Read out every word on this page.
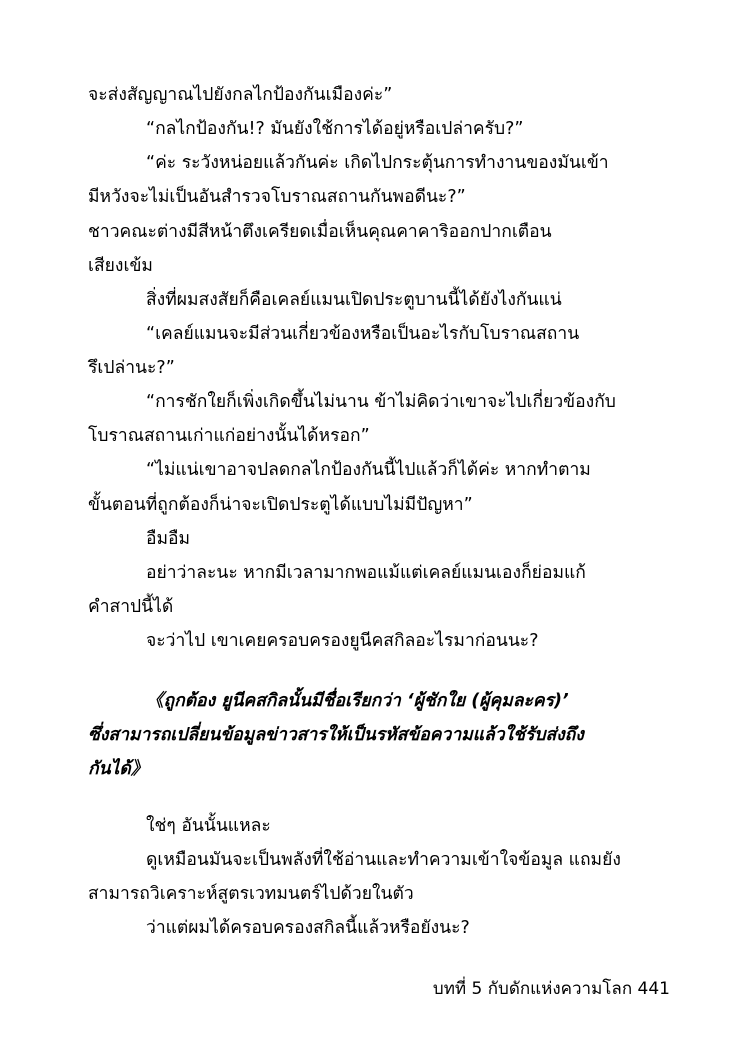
จะส่งสัญญาณไปยังกลไกป้องกันเมืองค่ะ”

“กลไกป้องกัน!? มันยังใช้การได้อยู่หรือเปล่าครับ?”

“ค่ะ ระวังหน่อยแล้วกันค่ะ เกิดไปกระตุ้นการทำงานของมันเข้า

มีหวังจะไม่เป็นอันสำรวจโบราณสถานกันพอดีนะ?”

ชาวคณะต่างมีสีหน้าตึงเครียดเมื่อเห็นคุณคาคาริออกปากเตือน

เสียงเข้ม

สิ่งที่ผมสงสัยก็คือเคลย์แมนเปิดประตูบานนี้ได้ยังไงกันแน่

“เคลย์แมนจะมีส่วนเกี่ยวข้องหรือเป็นอะไรกับโบราณสถาน

รึเปล่านะ?”

“การชักใยก็เพิ่งเกิดขึ้นไม่นาน ข้าไม่คิดว่าเขาจะไปเกี่ยวข้องกับ

โบราณสถานเก่าแก่อย่างนั้นได้หรอก”

“ไม่แน่เขาอาจปลดกลไกป้องกันนี้ไปแล้วก็ได้ค่ะ หากทำตาม

ขั้นตอนที่ถูกต้องก็น่าจะเปิดประตูได้แบบไม่มีปัญหา”

อืมอืม

อย่าว่าละนะ หากมีเวลามากพอแม้แต่เคลย์แมนเองก็ย่อมแก้

คำสาปนี้ได้

จะว่าไป เขาเคยครอบครองยูนีคสกิลอะไรมาก่อนนะ?

《ถูกต้อง ยูนีคสกิลนั้นมีชื่อเรียกว่า ‘ผู้ชักใย (ผู้คุมละคร)’
ซึ่งสามารถเปลี่ยนข้อมูลข่าวสารให้เป็นรหัสข้อความแล้วใช้รับส่งถึง
กันได้》

ใช่ๆ อันนั้นแหละ

ดูเหมือนมันจะเป็นพลังที่ใช้อ่านและทำความเข้าใจข้อมูล แถมยัง

สามารถวิเคราะห์สูตรเวทมนตร์ไปด้วยในตัว

ว่าแต่ผมได้ครอบครองสกิลนี้แล้วหรือยังนะ?

บทที่ 5 กับดักแห่งความโลก 441
